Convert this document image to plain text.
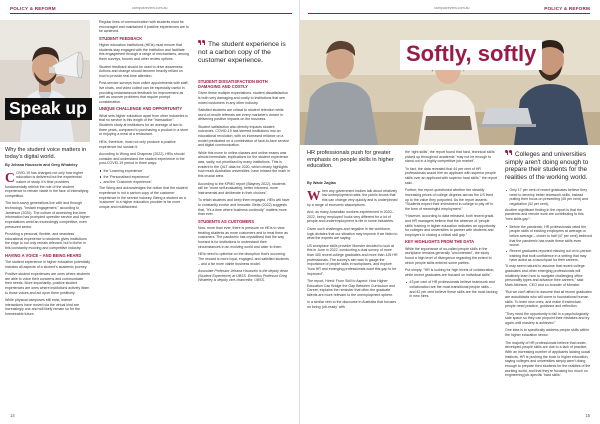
POLICY & REFORM	campusreview.com.au
Speak up
Why the student voice matters in today's digital world.
By Jehana Houssein and Greg Whateley

COVID-19 has changed not only how higher education is delivered but the experiential nature of study. It's time providers fundamentally rethink the role of the student experience to remain viable in the face of intensifying competition.

The tech-savvy generations live with and through technology. "Instant engagement," according to Jamieson (2020). The culture of accessing live-time information has prompted speedier service and higher expectations amid an exceedingly competitive, even pressured sector.

Providing a personal, flexible, and seamless educational experience to students gives institutions the edge to not only remain relevant, but to thrive in this constantly evolving and competitive industry.

HAVING A VOICE – AND BEING HEARD

The student experience in higher education potentially includes all aspects of a student's academic journey.

Positive student experiences are ones where students are able to voice their concerns and communicate their needs. More importantly, positive student experiences are ones where institutions actively listen to those voices and act upon them positively.

While physical campuses still exist, learner interactions have moved via the virtual kind are increasingly one and will likely remain so for the foreseeable future.

Regular lines of communication with students must be encouraged and maintained if positive experiences are to be achieved.

STUDENT FEEDBACK

Higher education institutions (HEIs) must ensure that students stay engaged with the institution and facilitate this engagement through a range of mechanisms, among them surveys, forums and other review options.

Student feedback should be used to drive awareness. Actions and change should become heavily reliant on how to provide real-time attention.

Post-service surveys from online appointments with staff, live chats, and video collect can be especially useful in providing instantaneous feedback for improvement as well as uncover problems that require prompt consideration.

UNIQUE CHALLENGE AND OPPORTUNITY

What sets higher education apart from other industries is that no service is this length of the "transaction". Students study at institutions for an average of two to three years, compared to purchasing a product in a store or enjoying a meal at a restaurant.

HEIs, therefore, must not only produce a positive experience but sustain it.

According to Wong and Chapman (2022), HEIs should consider and understand the student experience in the post-COVID-19 period in three ways:

the 'Learning experience'
the 'Personalised experience'
and the 'Customer experience'.

The Wong and acknowledges the notion that the student experience is not a carbon copy of the customer experience in the service industry. Being a student as a 'customer' in a higher education provider is far more unique and multifaceted.

The student experience is not a carbon copy of the customer experience.
STUDENT DISSATISFACTION BOTH DAMAGING AND COSTLY

Given these multiple expectations, student dissatisfaction is both very damaging and costly to institutions that see mixed customers in any other industry.

Satisfied students are critical to student retention while word-of-mouth referrals are every marketer's dream in delivering positive impacts on the business.

Student satisfaction also directly impacts student outcomes. COVID-19 has steered institutions into an educational revolution, with an increased reliance on a model predicated on a combination of face-to-face service and digital communication.

While this move to online classes and online exams was almost immediate, implications for the student experience was, sadly, not prioritised by many institutions. This is evident in the QILT data for 2020, which clearly highlights how much Australian universities, have missed the mark in this crucial area.

According to the KPMG report (Blayney 2022), students will be "more self-evaluating, better informed, more instrumental and deliberate in their choices".

To retain students and keep them engaged, HEIs will have to constantly evolve and innovate. Betts (2022) suggests that, "it's a time where business continuity" matters more than ever.

STUDENTS AS CUSTOMERS

Now, more than ever, there is pressure on HEIs to view treating students as more customers and to treat them as customers. The pandemic has crystallised that the way forward is for institutions to understand their circumstances in an evolving world and cater to them.

HEIs need to optimise on the disruption that's occurring. The reward is more loyal, engaged, and satisfied students – and a far more viable business model.

Associate Professor Jehana Houssein is the deputy dean (Student Experience) at UBSS. Emeritus Professor Greg Whateley is deputy vice-chancellor, UBSS.

14
campusreview.com.au	POLICY & REFORM
Softly, softly
HR professionals push for greater emphasis on people skills in higher education.
By Wade Zaglas

When any government bodies talk about relatively low unemployment rates, the public knows that this can change very quickly and is underpinned by a range of economic assumptions.

And, as many Australian workers experienced in 2020–2022, being 'employed' looks very different for a lot of people and underemployment is rife in some industries.

Given such challenges and negative in the workforce, logic dictates that our situation may improve if we listen to what the experts are saying.

US workplace skills provider Monster decided to look at this in June in 2022, conducting a dual survey of more than 400 recent college graduates and more than 425 HR professionals. The survey's aim was to gauge the importance of people skills in workplaces, and explore "how HR and emerging professionals want this gap to be improved".

The report, Hired: From Skill to Aspect: How Higher Education Can Bridge the Gap Between Curriculum and Career, explains the reminder that often the graduate talents are more relevant to the unemployment sphere.

In a similar vein to the discourse in Australia that focuses on being 'job-ready' with

the 'right skills', the report found that hard, technical skills picked up throughout academia "may not be enough to stand out in a highly competitive job market".

"In fact, the data revealed that 44 per cent of HR professionals would hire an applicant with superior people skills over an applicant with superior hard skills," the report said.

Further, the report questioned whether the steadily increasing prices of college degrees across the US lived up to the value they purported. As the report asserts: "Students expect their investment in college to pay off in the form of meaningful employment."

"However, according to data released, both recent grads and HR managers believe that the absence of 'people skills' training in higher education indicates an opportunity for colleges and universities to partner with students and employers in closing a critical skill gap."

KEY HIGHLIGHTS FROM THE DATA

While the importance of so-called people skills in the workplace remains generally "uncontested", the study found a high level of divergence regarding the extent to which people skills entered some parties.

Put simply: "HR is looking for high levels of collaboration, while recent graduates are focused on individual skills".

43 per cent of HR professionals believe teamwork and collaboration are the most transitional people skills – and 42 per cent believe these skills are the most lacking in new hires.
Colleges and universities simply aren't doing enough to prepare their students for the realities of the working world.
Only 17 per cent of recent graduates believe they need to develop better teamwork skills, instead putting their focus on presenting (45 per cent) and negotiation (42 per cent).

Another significant finding in the report is that the pandemic and remote work are contributing to this "new skills gap":

Before the pandemic, HR professionals rated the people skills of existing employees at average or below average – closer to half (47 per cent) believed that the pandemic has made these skills even worse.
Recent graduates reported missing out on in-person training that built confidence in a setting that may have acted as a launchpad for their careers.

"It may seem natural to assume that recent college graduates and other emerging professionals will intuitively learn how to navigate challenging office personality types and advance their careers," said Mark Atkinson, CEO and co-founder of Monster.

"But we can't afford to assume that all recent graduates are autodidacts who will come to foundational human skills. To learn new ones, and make it instinctual, people need practice, guidance and reflection.

"They need the opportunity to fail in a psychologically safe space so they can pinpoint their mistakes and try again until mastery is achieved."

One idea is to specifically address people skills within the higher education sector.

The majority of HR professionals believe that under-developed people skills are due to a lack of practice. With an increasing number of applicants lacking social instincts, HR is pushing the buck to higher education, saying colleges and universities simply aren't doing enough to prepare their students for the realities of the working world, and that they're focusing too much on engineering job-specific 'hard skills'.

15
